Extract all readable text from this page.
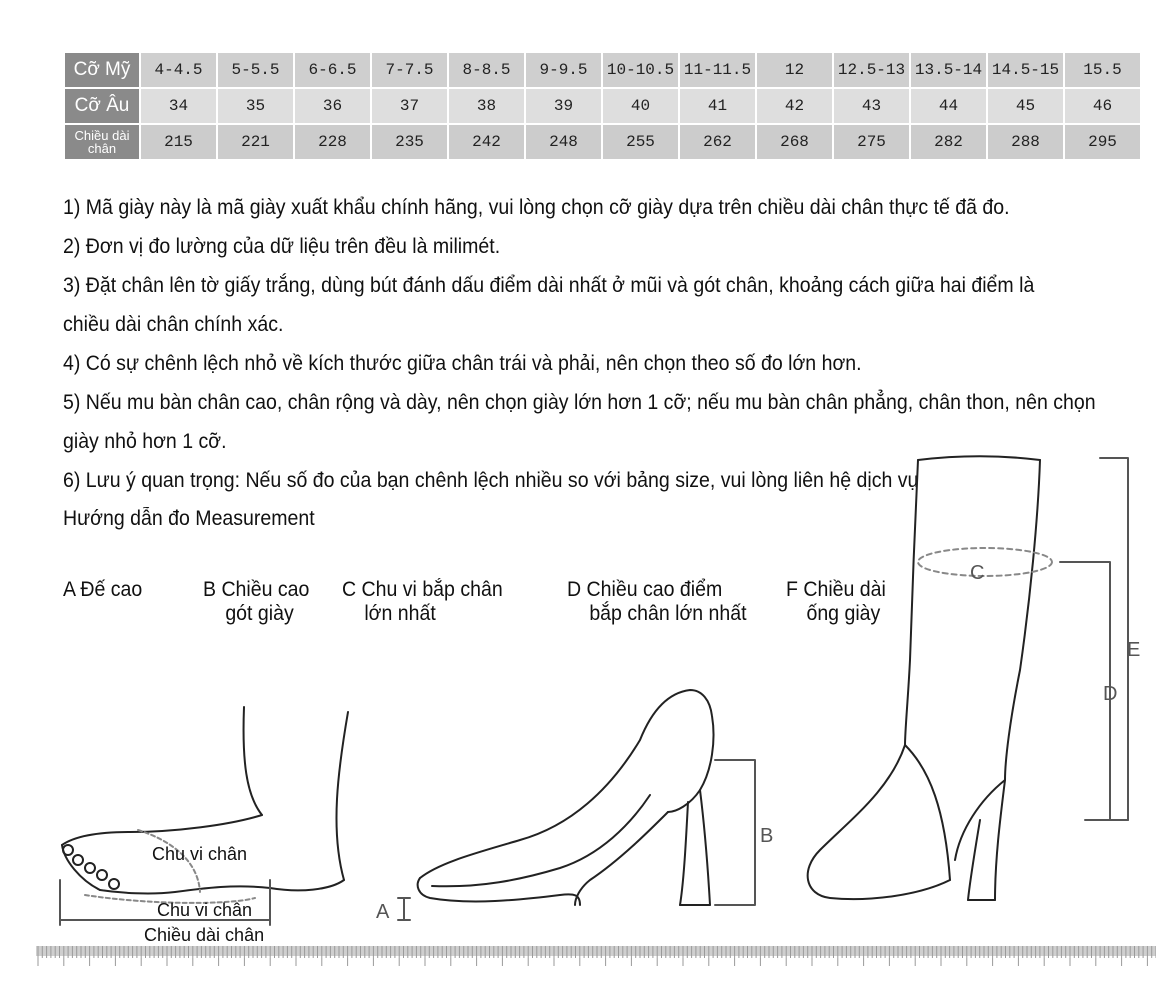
Cỡ Mỹ	4-4.5	5-5.5	6-6.5	7-7.5	8-8.5	9-9.5	10-10.5	11-11.5	12	12.5-13	13.5-14	14.5-15	15.5
Cỡ Âu	34	35	36	37	38	39	40	41	42	43	44	45	46
Chiều dài
chân	215	221	228	235	242	248	255	262	268	275	282	288	295
1) Mã giày này là mã giày xuất khẩu chính hãng, vui lòng chọn cỡ giày dựa trên chiều dài chân thực tế đã đo.
2) Đơn vị đo lường của dữ liệu trên đều là milimét.
3) Đặt chân lên tờ giấy trắng, dùng bút đánh dấu điểm dài nhất ở mũi và gót chân, khoảng cách giữa hai điểm là chiều dài chân chính xác.
4) Có sự chênh lệch nhỏ về kích thước giữa chân trái và phải, nên chọn theo số đo lớn hơn.
5) Nếu mu bàn chân cao, chân rộng và dày, nên chọn giày lớn hơn 1 cỡ; nếu mu bàn chân phẳng, chân thon, nên chọn giày nhỏ hơn 1 cỡ.
6) Lưu ý quan trọng: Nếu số đo của bạn chênh lệch nhiều so với bảng size, vui lòng liên hệ dịch vụ
Hướng dẫn đo Measurement
A Đế cao	B Chiều cao
gót giày
C Chu vi bắp chân
lớn nhất
D Chiều cao điểm
bắp chân lớn nhất
F Chiều dài
ống giày
A
B
C
D
E
Chu vi chân
Chu vi chân
Chiều dài chân
